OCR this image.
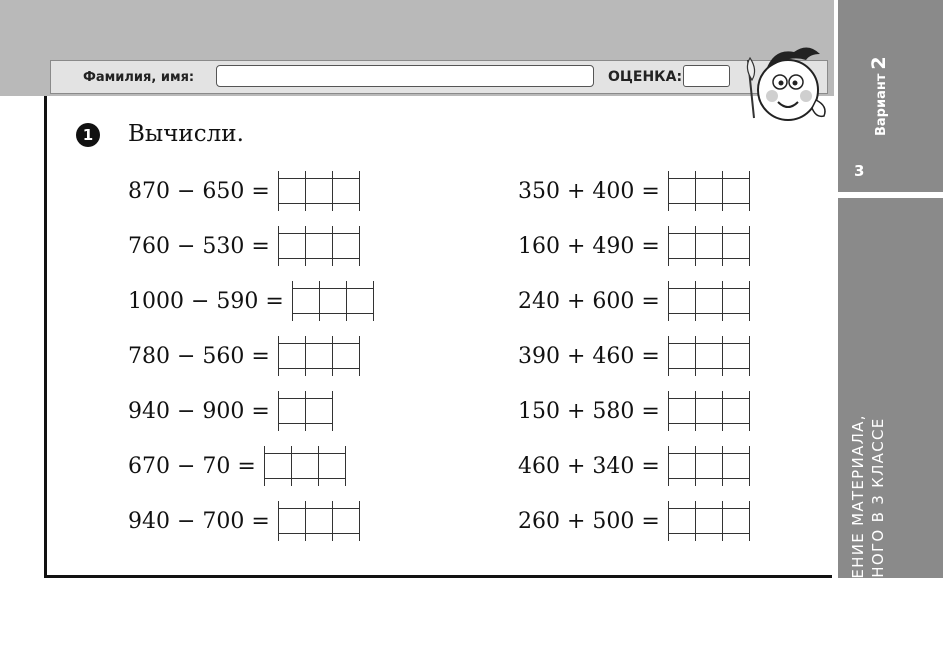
Фамилия, имя:	ОЦЕНКА:	Вариант2
3
ПОВТОРЕНИЕ МАТЕРИАЛА, ИЗУЧЕННОГО В 3 КЛАССЕ
1 Вычисли.
870 − 650 =
760 − 530 =
1000 − 590 =
780 − 560 =
940 − 900 =
670 − 70 =
940 − 700 =
350 + 400 =
160 + 490 =
240 + 600 =
390 + 460 =
150 + 580 =
460 + 340 =
260 + 500 =
